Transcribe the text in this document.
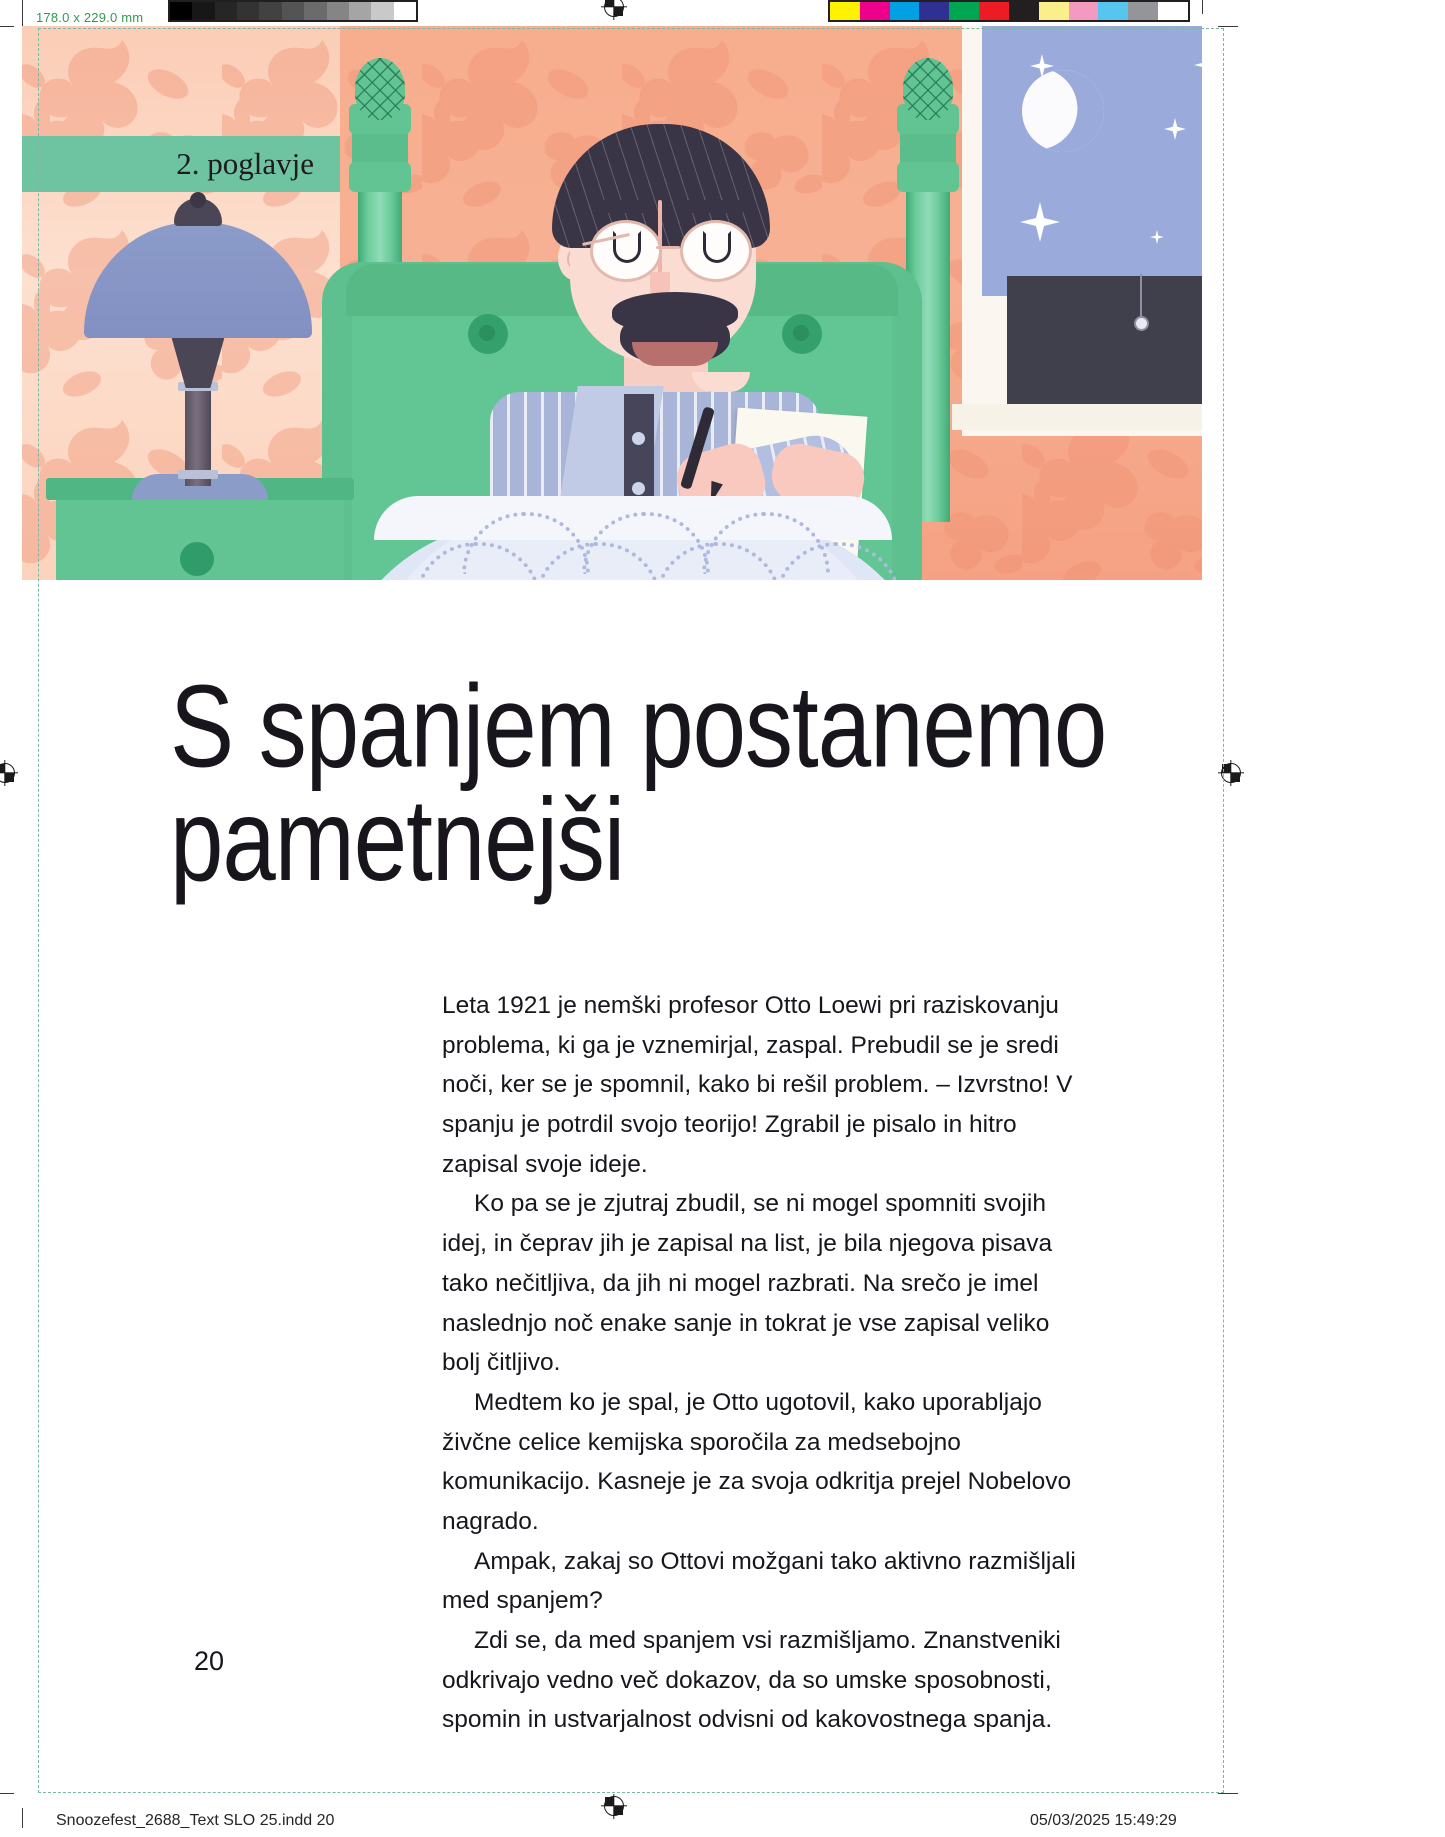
178.0 x 229.0 mm
2. poglavje
S spanjem postanemo pametnejši

Leta 1921 je nemški profesor Otto Loewi pri raziskovanju problema, ki ga je vznemirjal, zaspal. Prebudil se je sredi noči, ker se je spomnil, kako bi rešil problem. – Izvrstno! V spanju je potrdil svojo teorijo! Zgrabil je pisalo in hitro zapisal svoje ideje.

Ko pa se je zjutraj zbudil, se ni mogel spomniti svojih idej, in čeprav jih je zapisal na list, je bila njegova pisava tako nečitljiva, da jih ni mogel razbrati. Na srečo je imel naslednjo noč enake sanje in tokrat je vse zapisal veliko bolj čitljivo.

Medtem ko je spal, je Otto ugotovil, kako uporabljajo živčne celice kemijska sporočila za medsebojno komunikacijo. Kasneje je za svoja odkritja prejel Nobelovo nagrado.

Ampak, zakaj so Ottovi možgani tako aktivno razmišljali med spanjem?

Zdi se, da med spanjem vsi razmišljamo. Znanstveniki odkrivajo vedno več dokazov, da so umske sposobnosti, spomin in ustvarjalnost odvisni od kakovostnega spanja.

20
Snoozefest_2688_Text SLO 25.indd 20	05/03/2025 15:49:29
